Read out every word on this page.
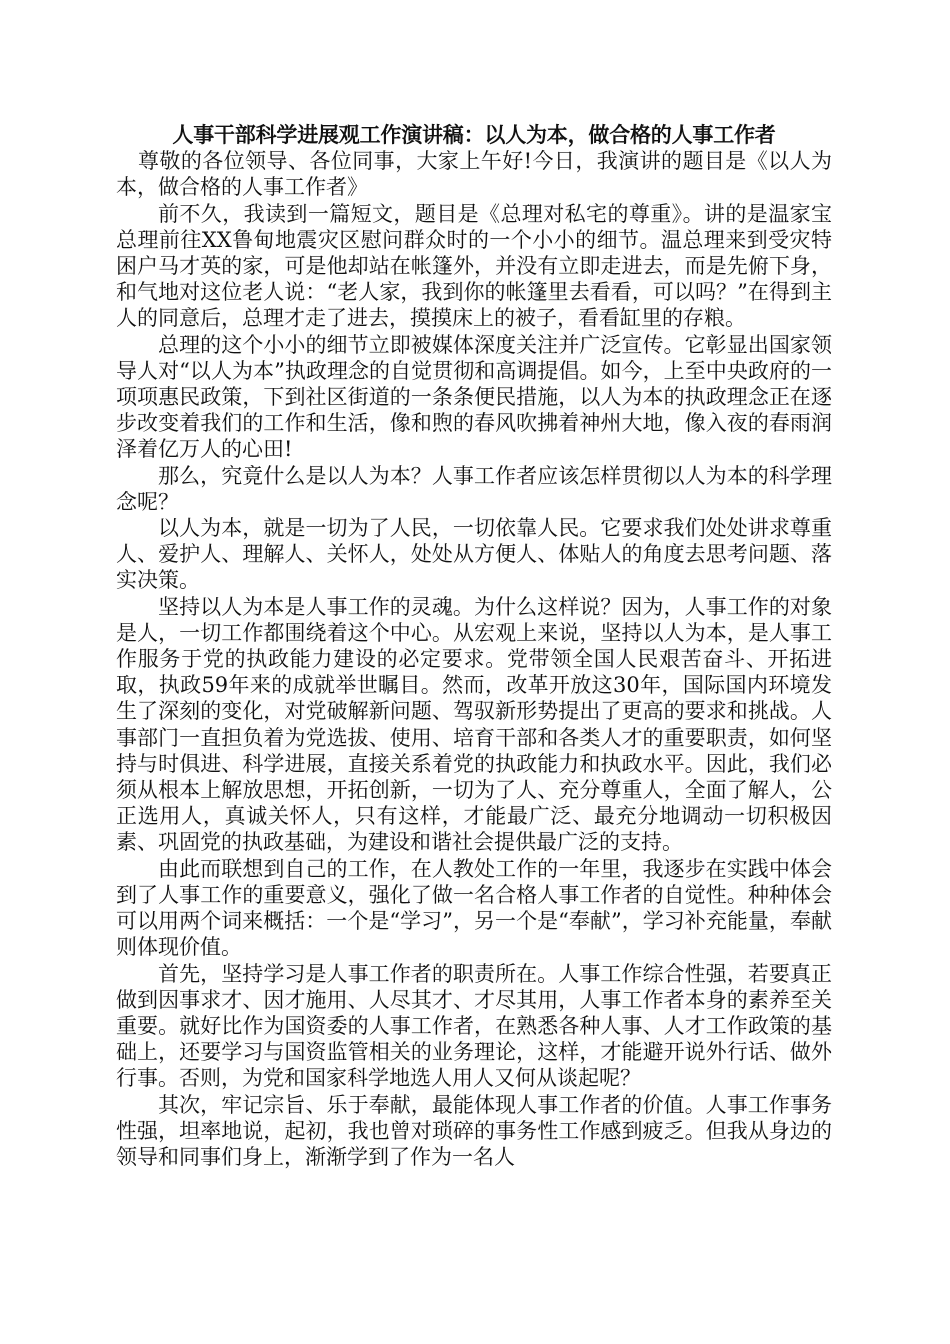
人事干部科学进展观工作演讲稿：以人为本，做合格的人事工作者

尊敬的各位领导、各位同事，大家上午好!今日，我演讲的题目是《以人为本，做合格的人事工作者》

前不久，我读到一篇短文，题目是《总理对私宅的尊重》。讲的是温家宝总理前往XX鲁甸地震灾区慰问群众时的一个小小的细节。温总理来到受灾特困户马才英的家，可是他却站在帐篷外，并没有立即走进去，而是先俯下身，和气地对这位老人说：“老人家，我到你的帐篷里去看看，可以吗？”在得到主人的同意后，总理才走了进去，摸摸床上的被子，看看缸里的存粮。

总理的这个小小的细节立即被媒体深度关注并广泛宣传。它彰显出国家领导人对“以人为本”执政理念的自觉贯彻和高调提倡。如今，上至中央政府的一项项惠民政策，下到社区街道的一条条便民措施，以人为本的执政理念正在逐步改变着我们的工作和生活，像和煦的春风吹拂着神州大地，像入夜的春雨润泽着亿万人的心田!

那么，究竟什么是以人为本？人事工作者应该怎样贯彻以人为本的科学理念呢？

以人为本，就是一切为了人民，一切依靠人民。它要求我们处处讲求尊重人、爱护人、理解人、关怀人，处处从方便人、体贴人的角度去思考问题、落实决策。

坚持以人为本是人事工作的灵魂。为什么这样说？因为，人事工作的对象是人，一切工作都围绕着这个中心。从宏观上来说，坚持以人为本，是人事工作服务于党的执政能力建设的必定要求。党带领全国人民艰苦奋斗、开拓进取，执政59年来的成就举世瞩目。然而，改革开放这30年，国际国内环境发生了深刻的变化，对党破解新问题、驾驭新形势提出了更高的要求和挑战。人事部门一直担负着为党选拔、使用、培育干部和各类人才的重要职责，如何坚持与时俱进、科学进展，直接关系着党的执政能力和执政水平。因此，我们必须从根本上解放思想，开拓创新，一切为了人、充分尊重人，全面了解人，公正选用人，真诚关怀人，只有这样，才能最广泛、最充分地调动一切积极因素、巩固党的执政基础，为建设和谐社会提供最广泛的支持。

由此而联想到自己的工作，在人教处工作的一年里，我逐步在实践中体会到了人事工作的重要意义，强化了做一名合格人事工作者的自觉性。种种体会可以用两个词来概括：一个是“学习”，另一个是“奉献”，学习补充能量，奉献则体现价值。

首先，坚持学习是人事工作者的职责所在。人事工作综合性强，若要真正做到因事求才、因才施用、人尽其才、才尽其用，人事工作者本身的素养至关重要。就好比作为国资委的人事工作者，在熟悉各种人事、人才工作政策的基础上，还要学习与国资监管相关的业务理论，这样，才能避开说外行话、做外行事。否则，为党和国家科学地选人用人又何从谈起呢？

其次，牢记宗旨、乐于奉献，最能体现人事工作者的价值。人事工作事务性强，坦率地说，起初，我也曾对琐碎的事务性工作感到疲乏。但我从身边的领导和同事们身上，渐渐学到了作为一名人
